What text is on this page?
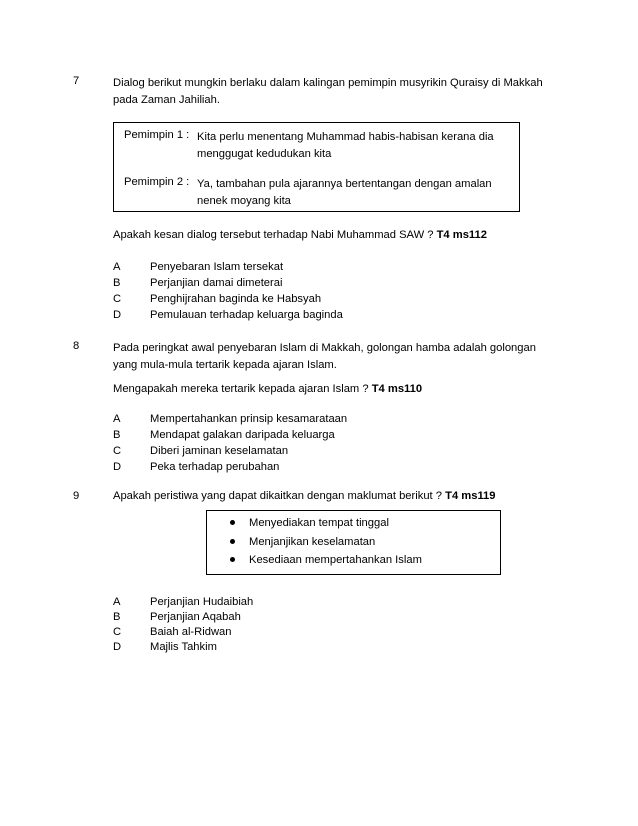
7	Dialog berikut mungkin berlaku dalam kalingan pemimpin musyrikin Quraisy di Makkah
pada Zaman Jahiliah.
Pemimpin 1 : Kita perlu menentang Muhammad habis-habisan kerana dia
menggugat kedudukan kita
Pemimpin 2 : Ya, tambahan pula ajarannya bertentangan dengan amalan
nenek moyang kita
Apakah kesan dialog tersebut terhadap Nabi Muhammad SAW ? T4 ms112
A	Penyebaran Islam tersekat
B	Perjanjian damai dimeterai
C	Penghijrahan baginda ke Habsyah
D	Pemulauan terhadap keluarga baginda
8	Pada peringkat awal penyebaran Islam di Makkah, golongan hamba adalah golongan
yang mula-mula tertarik kepada ajaran Islam.
Mengapakah mereka tertarik kepada ajaran Islam ? T4 ms110
A	Mempertahankan prinsip kesamarataan
B	Mendapat galakan daripada keluarga
C	Diberi jaminan keselamatan
D	Peka terhadap perubahan
9	Apakah peristiwa yang dapat dikaitkan dengan maklumat berikut ? T4 ms119
Menyediakan tempat tinggal
Menjanjikan keselamatan
Kesediaan mempertahankan Islam
A	Perjanjian Hudaibiah
B	Perjanjian Aqabah
C	Baiah al-Ridwan
D	Majlis Tahkim
